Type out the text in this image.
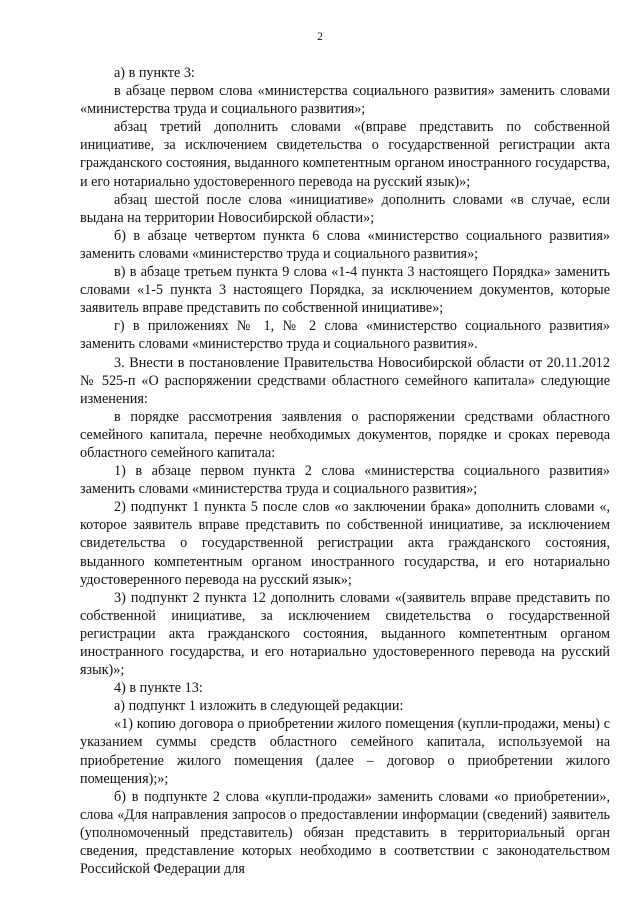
2

а) в пункте 3:

в абзаце первом слова «министерства социального развития» заменить словами «министерства труда и социального развития»;

абзац третий дополнить словами «(вправе представить по собственной инициативе, за исключением свидетельства о государственной регистрации акта гражданского состояния, выданного компетентным органом иностранного государства, и его нотариально удостоверенного перевода на русский язык)»;

абзац шестой после слова «инициативе» дополнить словами «в случае, если выдана на территории Новосибирской области»;

б) в абзаце четвертом пункта 6 слова «министерство социального развития» заменить словами «министерство труда и социального развития»;

в) в абзаце третьем пункта 9 слова «1-4 пункта 3 настоящего Порядка» заменить словами «1-5 пункта 3 настоящего Порядка, за исключением документов, которые заявитель вправе представить по собственной инициативе»;

г) в приложениях № 1, № 2 слова «министерство социального развития» заменить словами «министерство труда и социального развития».

3. Внести в постановление Правительства Новосибирской области от 20.11.2012 № 525-п «О распоряжении средствами областного семейного капитала» следующие изменения:

в порядке рассмотрения заявления о распоряжении средствами областного семейного капитала, перечне необходимых документов, порядке и сроках перевода областного семейного капитала:

1) в абзаце первом пункта 2 слова «министерства социального развития» заменить словами «министерства труда и социального развития»;

2) подпункт 1 пункта 5 после слов «о заключении брака» дополнить словами «, которое заявитель вправе представить по собственной инициативе, за исключением свидетельства о государственной регистрации акта гражданского состояния, выданного компетентным органом иностранного государства, и его нотариально удостоверенного перевода на русский язык»;

3) подпункт 2 пункта 12 дополнить словами «(заявитель вправе представить по собственной инициативе, за исключением свидетельства о государственной регистрации акта гражданского состояния, выданного компетентным органом иностранного государства, и его нотариально удостоверенного перевода на русский язык)»;

4) в пункте 13:

а) подпункт 1 изложить в следующей редакции:

«1) копию договора о приобретении жилого помещения (купли-продажи, мены) с указанием суммы средств областного семейного капитала, используемой на приобретение жилого помещения (далее – договор о приобретении жилого помещения);»;

б) в подпункте 2 слова «купли-продажи» заменить словами «о приобретении», слова «Для направления запросов о предоставлении информации (сведений) заявитель (уполномоченный представитель) обязан представить в территориальный орган сведения, представление которых необходимо в соответствии с законодательством Российской Федерации для
